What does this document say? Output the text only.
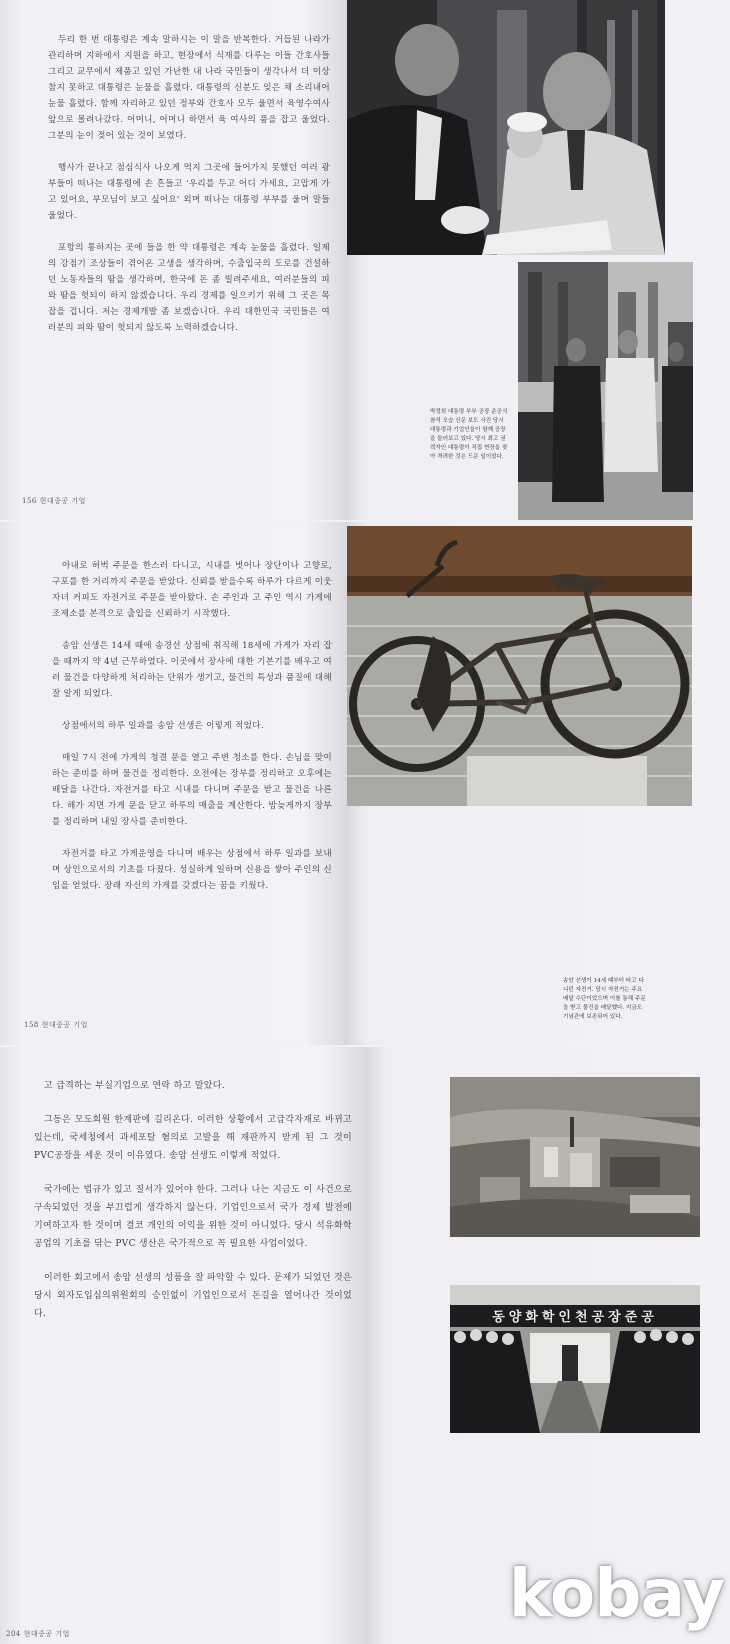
두리 한 번 대통령은 계속 말하시는 이 말을 반복한다. 거듭된 나라가 관리하며 지하에서 지원을 하고, 현장에서 식재를 다루는 이들 간호사들 그리고 교무에서 제품고 있던 가난한 내 나라 국민들이 생각나서 더 이상 참지 못하고 대통령은 눈물을 흘렸다. 대통령의 신분도 잊은 채 소리내어 눈물 흘렸다. 함께 자리하고 있던 정부와 간호사 모두 울면서 육영수여사 앞으로 몰려나갔다. 어머니, 어머니 하면서 육 여사의 품을 잡고 울었다. 그분의 눈이 젖어 있는 것이 보였다.

행사가 끝나고 점심식사 나오게 먹지 그곳에 들어가지 못했던 여러 광부들이 떠나는 대통령에 손 흔들고 '우리를 두고 어디 가세요, 고맙게 가고 있어요, 부모님이 보고 싶어요' 외며 떠나는 대통령 부부를 울며 말들 울었다.

포항의 통하지는 곳에 들을 한 약 대통령은 계속 눈물을 흘렸다. 일제의 강점기 조상들이 겪어온 고생을 생각하며, 수출입국의 도로를 건설하던 노동자들의 땀을 생각하며, 한국에 돈 좀 빌려주세요, 여러분들의 피와 땀을 헛되이 하지 않겠습니다. 우리 경제를 일으키기 위해 그 곳은 목 잡을 겁니다. 저는 경제개발 좀 보겠습니다. 우리 대한민국 국민들은 여러분의 피와 땀이 헛되지 않도록 노력하겠습니다.

156 현대중공 기업
박정희 대통령 부부 공장 준공식 참석 모습 신문 보도 사진 당시 대통령과 기업인들이 함께 공장을 둘러보고 있다. 당시 최고 권력자인 대통령이 직접 현장을 찾아 격려한 것은 드문 일이었다.

아내로 허벅 주문을 한스러 다니고, 시내를 벗어나 장단이나 고향로, 구포를 한 거리까지 주문을 받았다. 신뢰를 받을수록 하루가 다르게 이웃 자녀 커피도 자전거로 주문을 받아왔다. 손 주인과 고 주인 역시 가게에 조제소를 본격으로 출입을 신뢰하기 시작했다.

송암 선생은 14세 때에 송경선 상점에 취직해 18세에 가게가 자리 잡을 때까지 약 4년 근무하였다. 이곳에서 장사에 대한 기본기를 배우고 여러 물건을 다양하게 처리하는 단위가 생기고, 물건의 특성과 품질에 대해 잘 알게 되었다.

상점에서의 하루 일과를 송암 선생은 이렇게 적었다.

매일 7시 전에 가게의 청결 문을 열고 주변 청소를 한다. 손님을 맞이하는 준비를 하며 물건을 정리한다. 오전에는 장부를 정리하고 오후에는 배달을 나간다. 자전거를 타고 시내를 다니며 주문을 받고 물건을 나른다. 해가 지면 가게 문을 닫고 하루의 매출을 계산한다. 밤늦게까지 장부를 정리하며 내일 장사를 준비한다.

자전거를 타고 가게운영을 다니며 배우는 상점에서 하루 일과를 보내며 상인으로서의 기초를 다졌다. 성실하게 일하며 신용을 쌓아 주인의 신임을 얻었다. 장래 자신의 가게를 갖겠다는 꿈을 키웠다.

158 현대중공 기업
송암 선생이 14세 때부터 타고 다니던 자전거. 당시 자전거는 주요 배달 수단이었으며 이를 통해 주문을 받고 물건을 배달했다. 지금도 기념관에 보존되어 있다.

고 급격하는 부실기업으로 연락 하고 말았다.

그동은 모도회원 한계판에 길리온다. 이러한 상황에서 고급각자재로 바뀌고 있는데, 국세청에서 과세포탈 혐의로 고발을 해 재판까지 받게 된 그 것이 PVC공장을 세운 것이 이유였다. 송암 선생도 이렇게 적었다.

국가에는 법규가 있고 질서가 있어야 한다. 그러나 나는 지금도 이 사건으로 구속되었던 것을 부끄럽게 생각하지 않는다. 기업인으로서 국가 경제 발전에 기여하고자 한 것이며 결코 개인의 이익을 위한 것이 아니었다. 당시 석유화학 공업의 기초를 닦는 PVC 생산은 국가적으로 꼭 필요한 사업이었다.

이러한 회고에서 송암 선생의 성품을 잘 파악할 수 있다. 문제가 되었던 것은 당시 외자도입심의위원회의 승인없이 기업인으로서 돈길을 열어나간 것이었다.

204 현대중공 기업
동양화학인천공장준공
kobay
